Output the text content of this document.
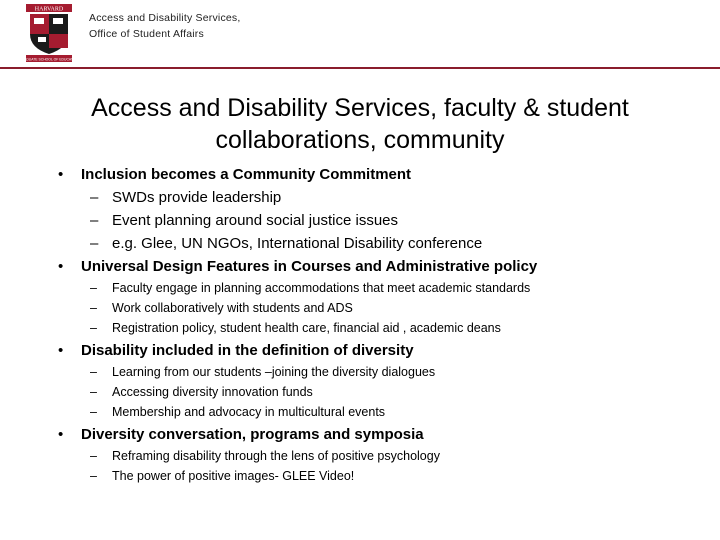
HARVARD
GRADUATE SCHOOL OF EDUCATION
Access and Disability Services,
Office of Student Affairs
Access and Disability Services, faculty & student
collaborations, community
• Inclusion becomes a Community Commitment
– SWDs provide leadership
– Event planning around social justice issues
– e.g. Glee, UN NGOs, International Disability conference
• Universal Design Features in Courses and Administrative policy
– Faculty engage in planning accommodations that meet academic standards
– Work collaboratively with students and ADS
– Registration policy, student health care, financial aid , academic deans
• Disability included in the definition of diversity
– Learning from our students –joining the diversity dialogues
– Accessing diversity innovation funds
– Membership and advocacy in multicultural events
• Diversity conversation, programs and symposia
– Reframing disability through the lens of positive psychology
– The power of positive images- GLEE Video!
